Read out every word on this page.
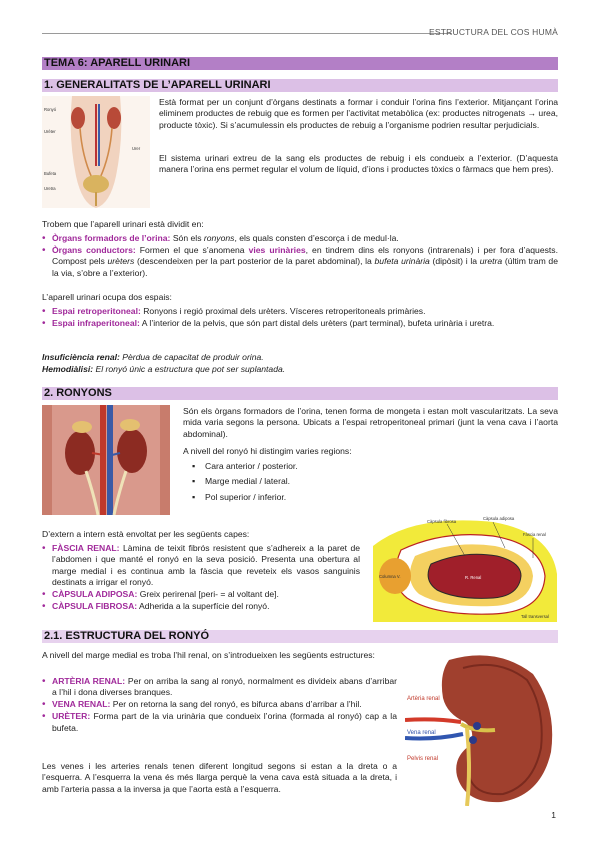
ESTRUCTURA DEL COS HUMÀ
TEMA 6: APARELL URINARI
1. GENERALITATS DE L’APARELL URINARI
Ronyó
Urèter
Bufeta
Uretra
Urer
Està format per un conjunt d’òrgans destinats a formar i conduir l’orina fins l’exterior. Mitjançant l’orina eliminem productes de rebuig que es formen per l’activitat metabòlica (ex: productes nitrogenats → urea, producte tòxic). Si s’acumulessin els productes de rebuig a l’organisme podrien resultar perjudicials.
El sistema urinari extreu de la sang els productes de rebuig i els condueix a l’exterior. (D’aquesta manera l’orina ens permet regular el volum de líquid, d’ions i productes tòxics o fàrmacs que hem pres).
Trobem que l’aparell urinari està dividit en:
• Òrgans formadors de l’orina: Són els ronyons, els quals consten d’escorça i de medul·la.
• Òrgans conductors: Formen el que s’anomena vies urinàries, en tindrem dins els ronyons (intrarenals) i per fora d’aquests. Compost pels urèters (descendeixen per la part posterior de la paret abdominal), la bufeta urinària (dipòsit) i la uretra (últim tram de la via, s’obre a l’exterior).
L’aparell urinari ocupa dos espais:
• Espai retroperitoneal: Ronyons i regió proximal dels urèters. Vísceres retroperitoneals primàries.
• Espai infraperitoneal: A l’interior de la pelvis, que són part distal dels urèters (part terminal), bufeta urinària i uretra.
Insuficiència renal: Pèrdua de capacitat de produir orina.
Hemodiàlisi: El ronyó únic a estructura que pot ser suplantada.
2. RONYONS
Són els òrgans formadors de l’orina, tenen forma de mongeta i estan molt vascularitzats. La seva mida varia segons la persona. Ubicats a l’espai retroperitoneal primari (junt la vena cava i l’aorta abdominal).
A nivell del ronyó hi distingim varies regions:
▪ Cara anterior / posterior.
▪ Marge medial / lateral.
▪ Pol superior / inferior.
D’extern a intern està envoltat per les següents capes:
• FÀSCIA RENAL: Làmina de teixit fibrós resistent que s’adhereix a la paret de l’abdomen i que manté el ronyó en la seva posició. Presenta una obertura al marge medial i es continua amb la fàscia que reveteix els vasos sanguinis destinats a irrigar el ronyó.
• CÀPSULA ADIPOSA: Greix perirenal [peri- = al voltant de].
• CÀPSULA FIBROSA: Adherida a la superfície del ronyó.
Càpsula adiposa
Càpsula fibrosa
Fàscia renal
R. Renal
Columna V.
Tall transversal
2.1. ESTRUCTURA DEL RONYÓ
A nivell del marge medial es troba l’hil renal, on s’introdueixen les següents estructures:
• ARTÈRIA RENAL: Per on arriba la sang al ronyó, normalment es divideix abans d’arribar a l’hil i dona diverses branques.
• VENA RENAL: Per on retorna la sang del ronyó, es bifurca abans d’arribar a l’hil.
• URÈTER: Forma part de la via urinària que condueix l’orina (formada al ronyó) cap a la bufeta.
Les venes i les arteries renals tenen diferent longitud segons si estan a la dreta o a l’esquerra. A l’esquerra la vena és més llarga perquè la vena cava està situada a la dreta, i amb l’arteria passa a la inversa ja que l’aorta està a l’esquerra.
Artèria renal
Vena renal
Pelvis renal
1
